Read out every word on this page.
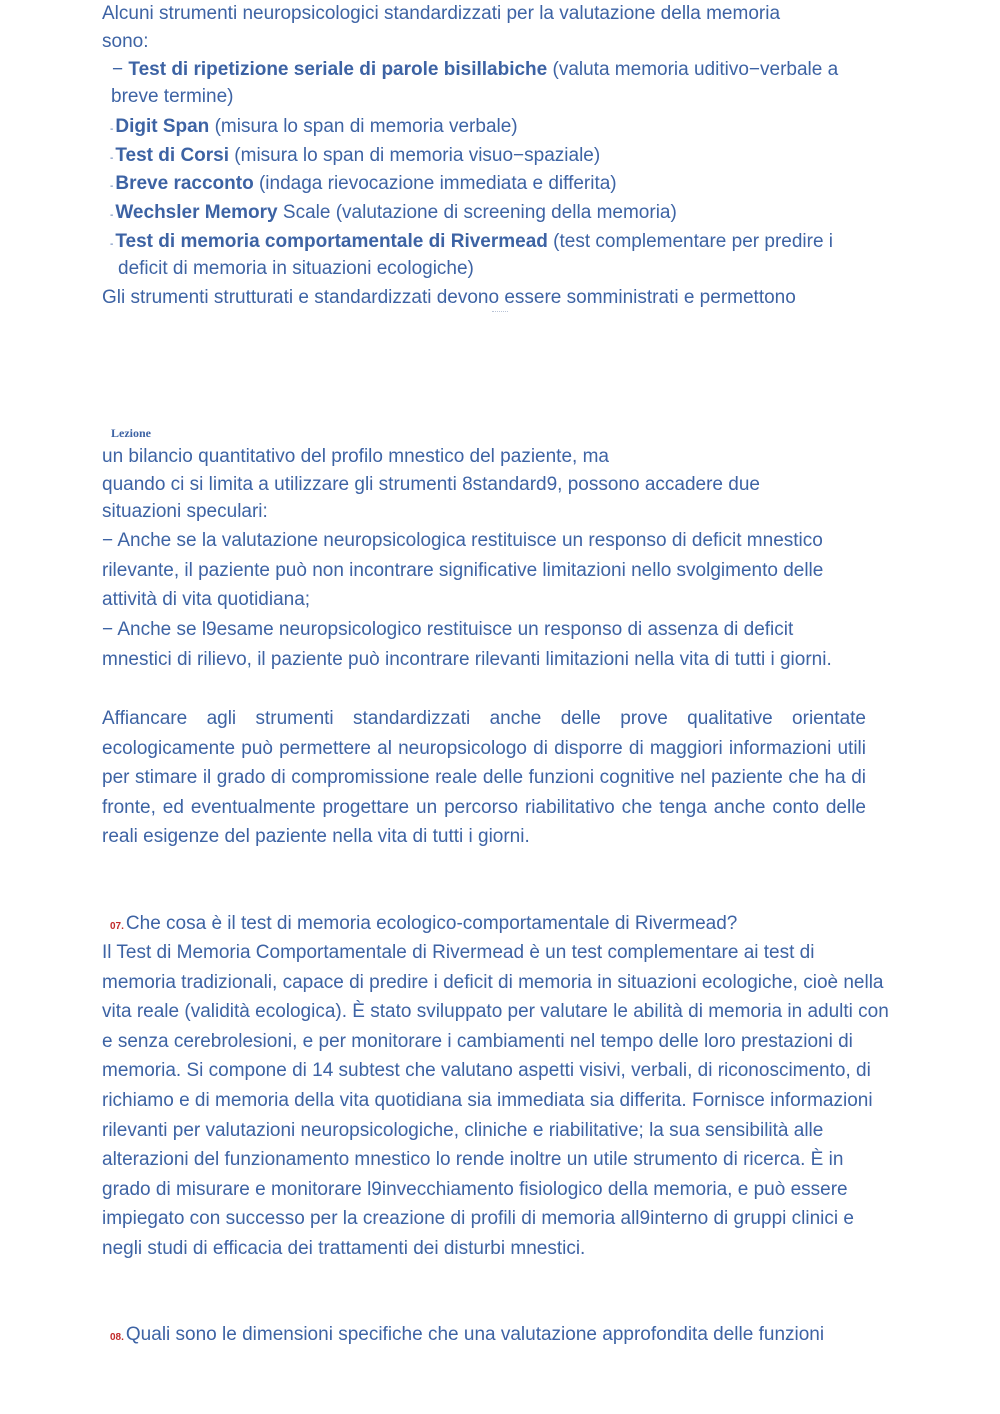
Alcuni strumenti neuropsicologici standardizzati per la valutazione della memoria
sono:
− Test di ripetizione seriale di parole bisillabiche (valuta memoria uditivo−verbale a
breve termine)
- Digit Span (misura lo span di memoria verbale)
- Test di Corsi (misura lo span di memoria visuo−spaziale)
- Breve racconto (indaga rievocazione immediata e differita)
- Wechsler Memory Scale (valutazione di screening della memoria)
- Test di memoria comportamentale di Rivermead (test complementare per predire i
deficit di memoria in situazioni ecologiche)
Gli strumenti strutturati e standardizzati devono essere somministrati e permettono
Lezione
un bilancio quantitativo del profilo mnestico del paziente, ma
quando ci si limita a utilizzare gli strumenti 8standard9, possono accadere due
situazioni speculari:
− Anche se la valutazione neuropsicologica restituisce un responso di deficit mnestico rilevante, il paziente può non incontrare significative limitazioni nello svolgimento delle attività di vita quotidiana;
− Anche se l9esame neuropsicologico restituisce un responso di assenza di deficit mnestici di rilievo, il paziente può incontrare rilevanti limitazioni nella vita di tutti i giorni.
Affiancare agli strumenti standardizzati anche delle prove qualitative orientate ecologicamente può permettere al neuropsicologo di disporre di maggiori informazioni utili per stimare il grado di compromissione reale delle funzioni cognitive nel paziente che ha di fronte, ed eventualmente progettare un percorso riabilitativo che tenga anche conto delle reali esigenze del paziente nella vita di tutti i giorni.
07. Che cosa è il test di memoria ecologico-comportamentale di Rivermead?
Il Test di Memoria Comportamentale di Rivermead è un test complementare ai test di memoria tradizionali, capace di predire i deficit di memoria in situazioni ecologiche, cioè nella vita reale (validità ecologica). È stato sviluppato per valutare le abilità di memoria in adulti con e senza cerebrolesioni, e per monitorare i cambiamenti nel tempo delle loro prestazioni di memoria. Si compone di 14 subtest che valutano aspetti visivi, verbali, di riconoscimento, di richiamo e di memoria della vita quotidiana sia immediata sia differita. Fornisce informazioni rilevanti per valutazioni neuropsicologiche, cliniche e riabilitative; la sua sensibilità alle alterazioni del funzionamento mnestico lo rende inoltre un utile strumento di ricerca. È in grado di misurare e monitorare l9invecchiamento fisiologico della memoria, e può essere impiegato con successo per la creazione di profili di memoria all9interno di gruppi clinici e negli studi di efficacia dei trattamenti dei disturbi mnestici.
08. Quali sono le dimensioni specifiche che una valutazione approfondita delle funzioni
